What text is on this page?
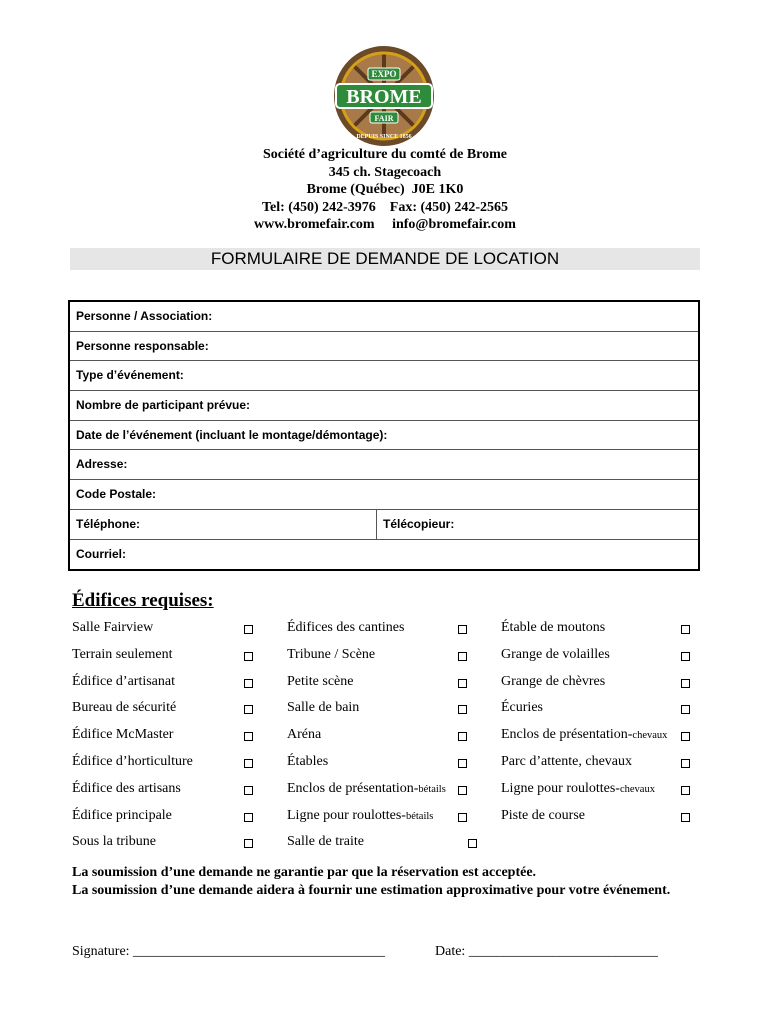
EXPO
BROME
FAIR
DEPUIS SINCE 1856
Société d’agriculture du comté de Brome
345 ch. Stagecoach
Brome (Québec)  J0E 1K0
Tel: (450) 242-3976    Fax: (450) 242-2565
www.bromefair.com     info@bromefair.com
FORMULAIRE DE DEMANDE DE LOCATION
Personne / Association:
Personne responsable:
Type d’événement:
Nombre de participant prévue:
Date de l’événement (incluant le montage/démontage):
Adresse:
Code Postale:
Téléphone:	Télécopieur:
Courriel:
Édifices requises:
Salle Fairview
Terrain seulement
Édifice d’artisanat
Bureau de sécurité
Édifice McMaster
Édifice d’horticulture
Édifice des artisans
Édifice principale
Sous la tribune
Édifices des cantines
Tribune / Scène
Petite scène
Salle de bain
Aréna
Étables
Enclos de présentation-bétails
Ligne pour roulottes-bétails
Salle de traite
Étable de moutons
Grange de volailles
Grange de chèvres
Écuries
Enclos de présentation-chevaux
Parc d’attente, chevaux
Ligne pour roulottes-chevaux
Piste de course
La soumission d’une demande ne garantie par que la réservation est acceptée.
La soumission d’une demande aidera à fournir une estimation approximative pour votre événement.
Signature: ____________________________________	Date: ___________________________
